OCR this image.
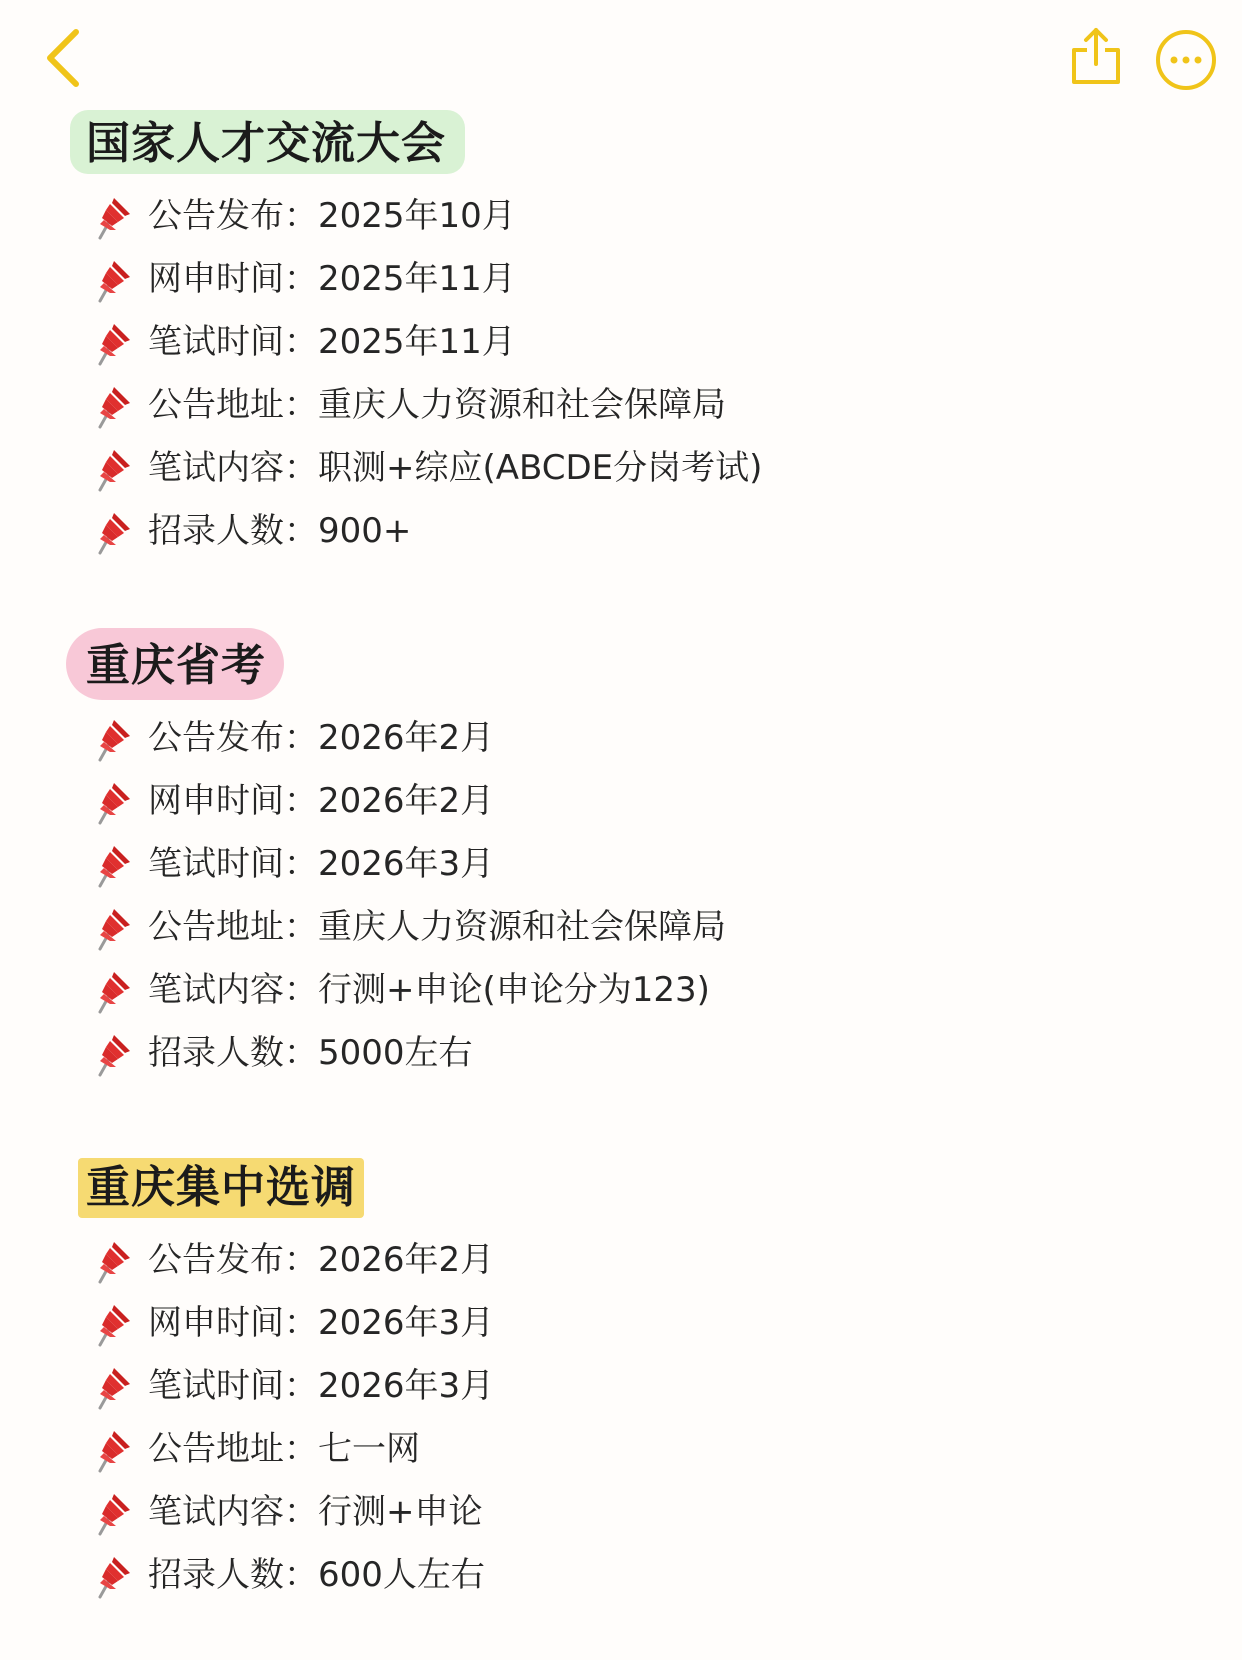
国家人才交流大会
公告发布：2025年10月
网申时间：2025年11月
笔试时间：2025年11月
公告地址：重庆人力资源和社会保障局
笔试内容：职测+综应(ABCDE分岗考试)
招录人数：900+
重庆省考
公告发布：2026年2月
网申时间：2026年2月
笔试时间：2026年3月
公告地址：重庆人力资源和社会保障局
笔试内容：行测+申论(申论分为123)
招录人数：5000左右
重庆集中选调
公告发布：2026年2月
网申时间：2026年3月
笔试时间：2026年3月
公告地址：七一网
笔试内容：行测+申论
招录人数：600人左右
